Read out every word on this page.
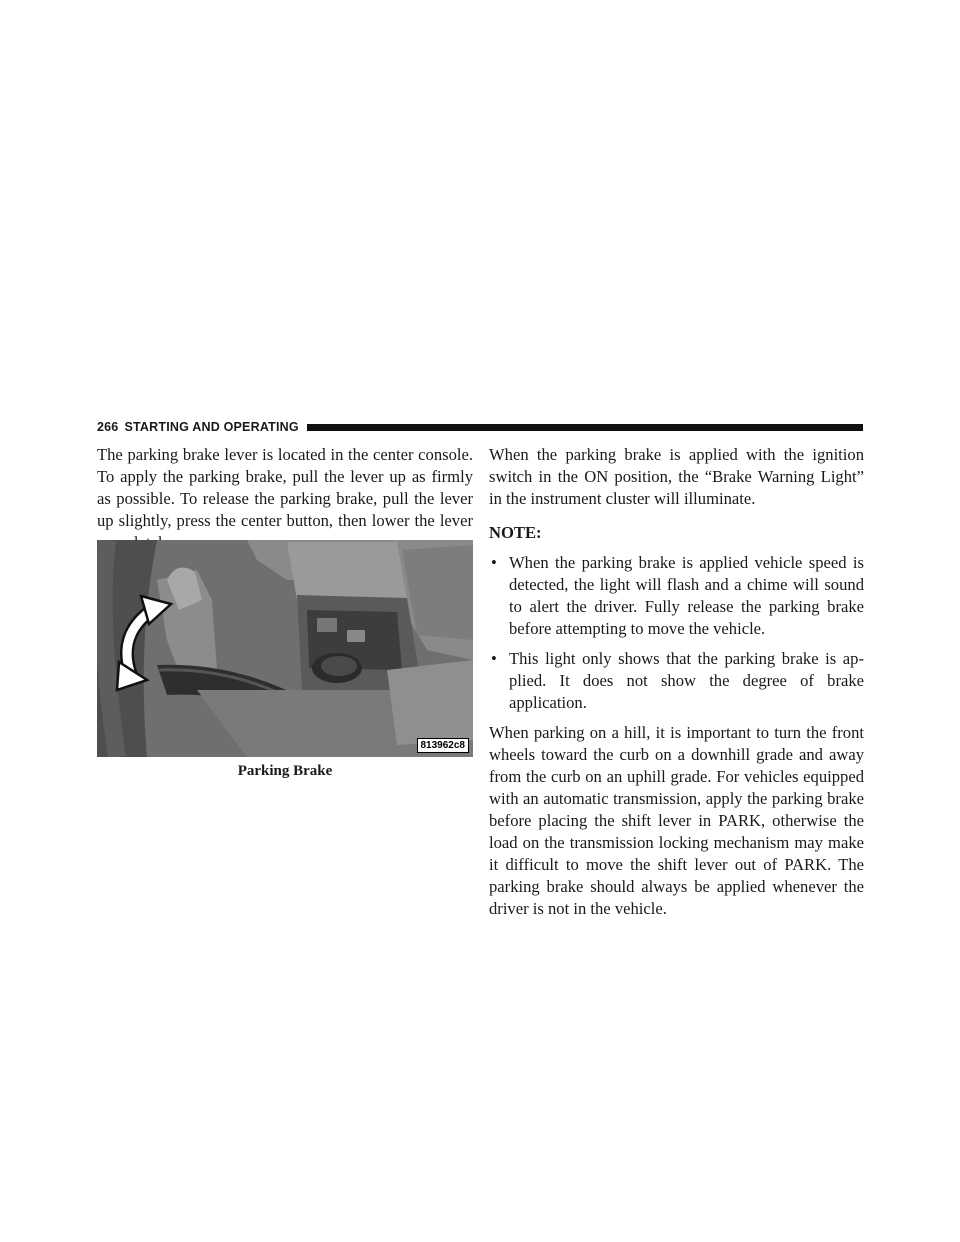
266 STARTING AND OPERATING

The parking brake lever is located in the center console. To apply the parking brake, pull the lever up as firmly as possible. To release the parking brake, pull the lever up slightly, press the center button, then lower the lever

813962c8
Parking Brake

When the parking brake is applied with the ignition switch in the ON position, the “Brake Warning Light” in the instrument cluster will illuminate.

NOTE:

• When the parking brake is applied vehicle speed is detected, the light will flash and a chime will sound to alert the driver. Fully release the parking brake before attempting to move the vehicle.
• This light only shows that the parking brake is ap- plied. It does not show the degree of brake application.

When parking on a hill, it is important to turn the front wheels toward the curb on a downhill grade and away from the curb on an uphill grade. For vehicles equipped with an automatic transmission, apply the parking brake before placing the shift lever in PARK, otherwise the load on the transmission locking mechanism may make it difficult to move the shift lever out of PARK. The parking brake should always be applied whenever the driver is not in the vehicle.
